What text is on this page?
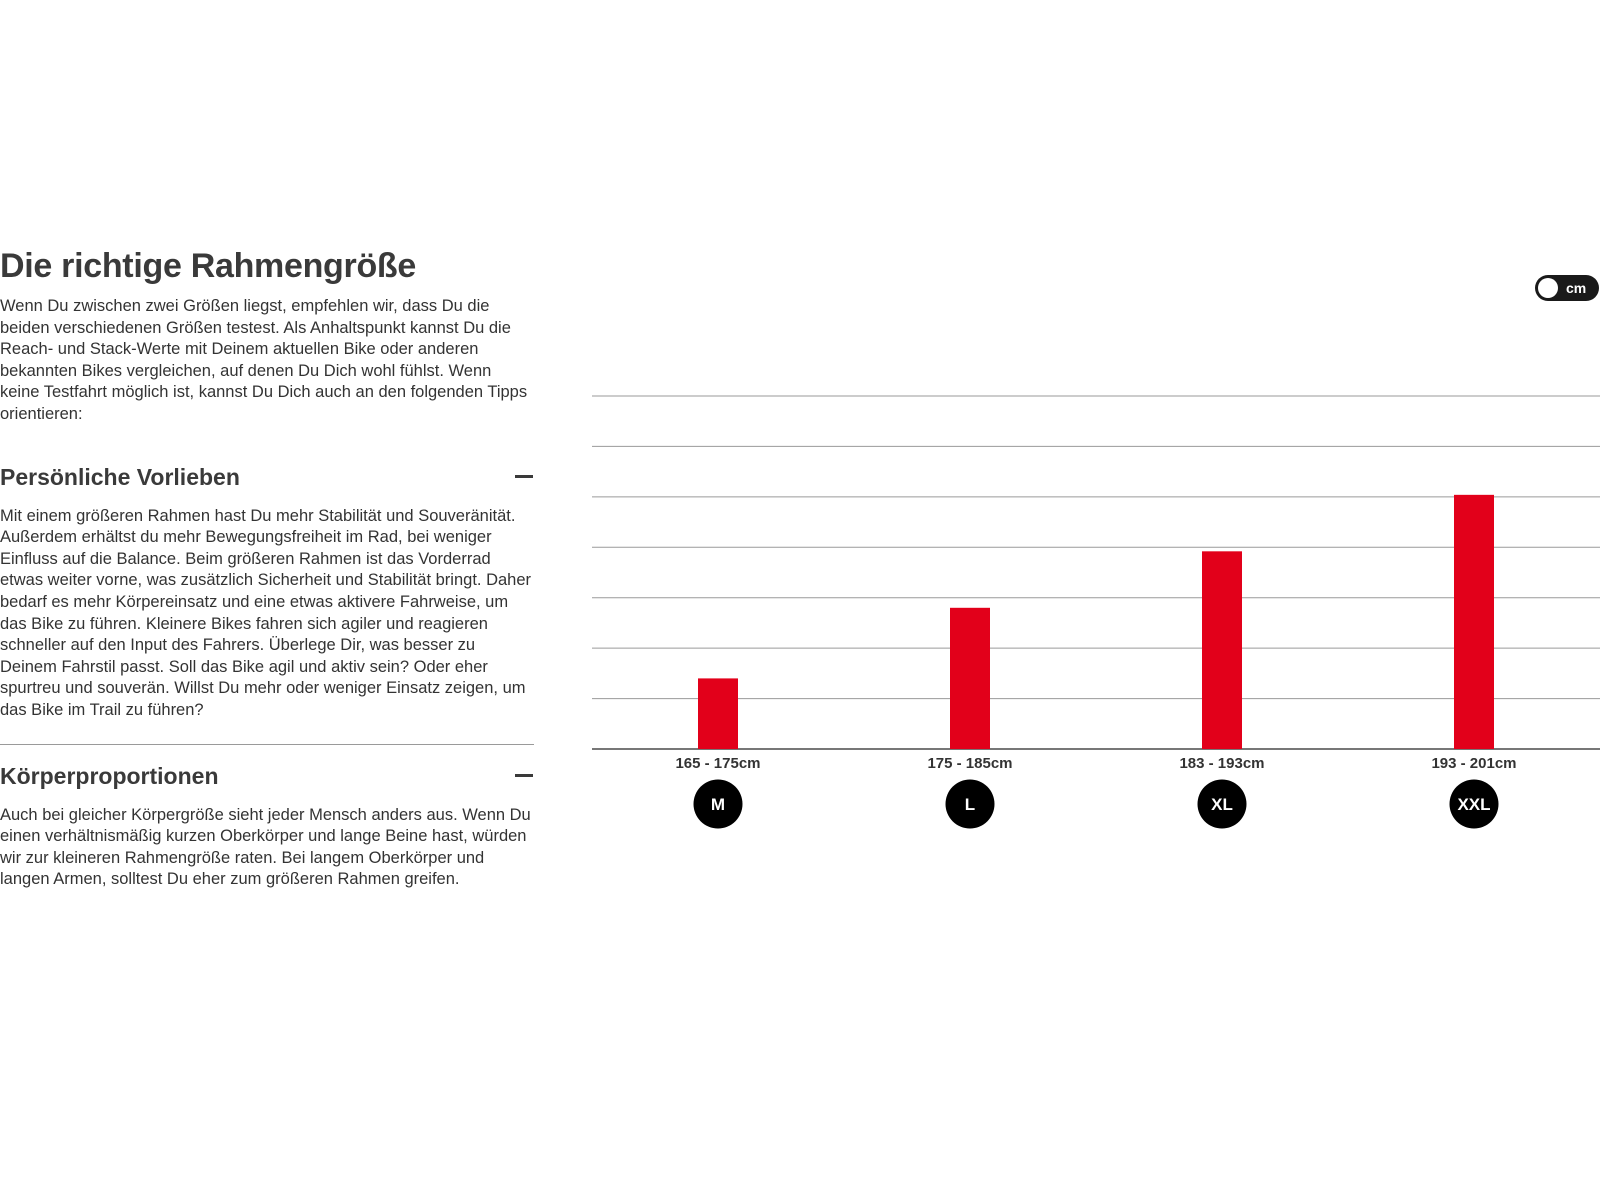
Die richtige Rahmengröße

Wenn Du zwischen zwei Größen liegst, empfehlen wir, dass Du die beiden verschiedenen Größen testest. Als Anhaltspunkt kannst Du die Reach- und Stack-Werte mit Deinem aktuellen Bike oder anderen bekannten Bikes vergleichen, auf denen Du Dich wohl fühlst. Wenn keine Testfahrt möglich ist, kannst Du Dich auch an den folgenden Tipps orientieren:

Persönliche Vorlieben

Mit einem größeren Rahmen hast Du mehr Stabilität und Souveränität. Außerdem erhältst du mehr Bewegungsfreiheit im Rad, bei weniger Einfluss auf die Balance. Beim größeren Rahmen ist das Vorderrad etwas weiter vorne, was zusätzlich Sicherheit und Stabilität bringt. Daher bedarf es mehr Körpereinsatz und eine etwas aktivere Fahrweise, um das Bike zu führen. Kleinere Bikes fahren sich agiler und reagieren schneller auf den Input des Fahrers. Überlege Dir, was besser zu Deinem Fahrstil passt. Soll das Bike agil und aktiv sein? Oder eher spurtreu und souverän. Willst Du mehr oder weniger Einsatz zeigen, um das Bike im Trail zu führen?

Körperproportionen

Auch bei gleicher Körpergröße sieht jeder Mensch anders aus. Wenn Du einen verhältnismäßig kurzen Oberkörper und lange Beine hast, würden wir zur kleineren Rahmengröße raten. Bei langem Oberkörper und langen Armen, solltest Du eher zum größeren Rahmen greifen.

cm
165 - 175cm
M
175 - 185cm
L
183 - 193cm
XL
193 - 201cm
XXL
